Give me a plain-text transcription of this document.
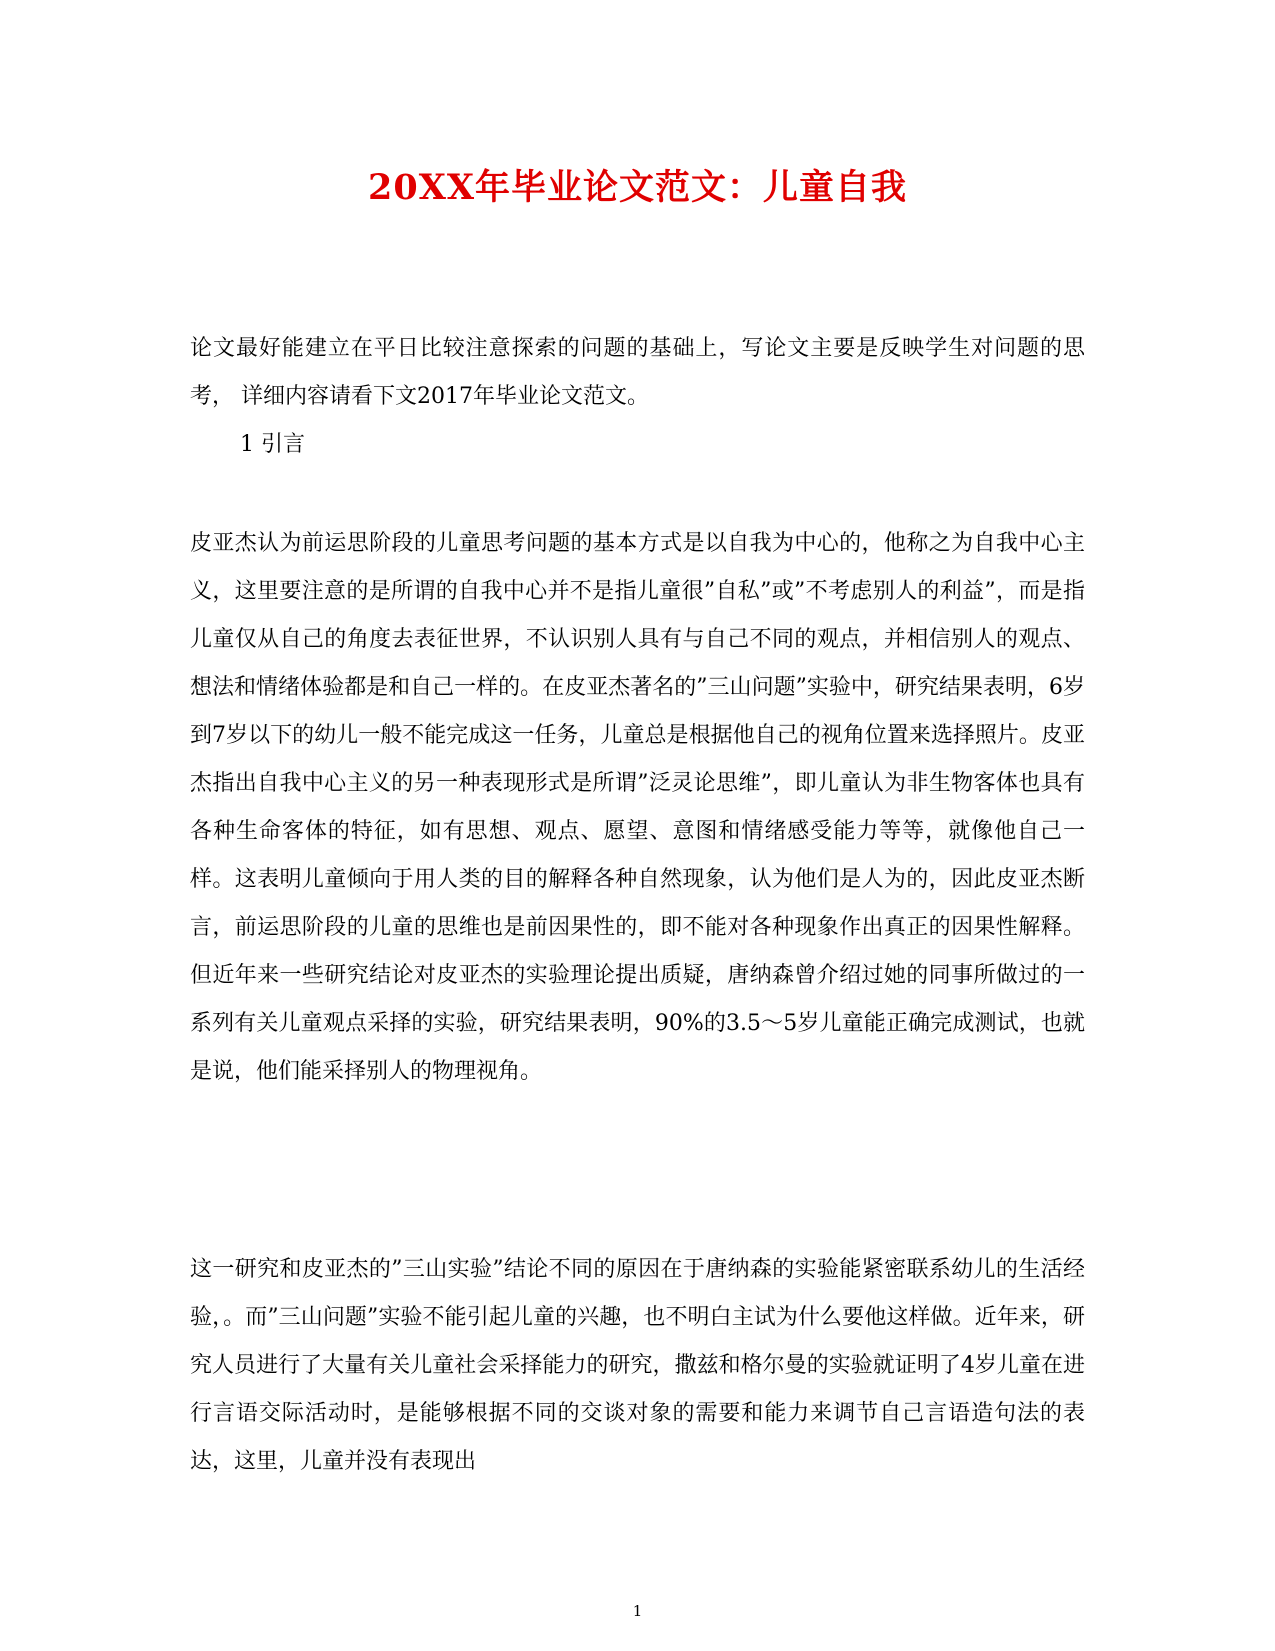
20XX年毕业论文范文：儿童自我

论文最好能建立在平日比较注意探索的问题的基础上，写论文主要是反映学生对问题的思考， 详细内容请看下文2017年毕业论文范文。

1 引言

皮亚杰认为前运思阶段的儿童思考问题的基本方式是以自我为中心的，他称之为自我中心主义，这里要注意的是所谓的自我中心并不是指儿童很”自私”或”不考虑别人的利益”，而是指儿童仅从自己的角度去表征世界，不认识别人具有与自己不同的观点，并相信别人的观点、想法和情绪体验都是和自己一样的。在皮亚杰著名的”三山问题”实验中，研究结果表明，6岁到7岁以下的幼儿一般不能完成这一任务，儿童总是根据他自己的视角位置来选择照片。皮亚杰指出自我中心主义的另一种表现形式是所谓”泛灵论思维”，即儿童认为非生物客体也具有各种生命客体的特征，如有思想、观点、愿望、意图和情绪感受能力等等，就像他自己一样。这表明儿童倾向于用人类的目的解释各种自然现象，认为他们是人为的，因此皮亚杰断言，前运思阶段的儿童的思维也是前因果性的，即不能对各种现象作出真正的因果性解释。但近年来一些研究结论对皮亚杰的实验理论提出质疑，唐纳森曾介绍过她的同事所做过的一系列有关儿童观点采择的实验，研究结果表明，90%的3.5～5岁儿童能正确完成测试，也就是说，他们能采择别人的物理视角。

这一研究和皮亚杰的”三山实验”结论不同的原因在于唐纳森的实验能紧密联系幼儿的生活经验，。而”三山问题”实验不能引起儿童的兴趣，也不明白主试为什么要他这样做。近年来，研究人员进行了大量有关儿童社会采择能力的研究，撒兹和格尔曼的实验就证明了4岁儿童在进行言语交际活动时，是能够根据不同的交谈对象的需要和能力来调节自己言语造句法的表达，这里，儿童并没有表现出

1
